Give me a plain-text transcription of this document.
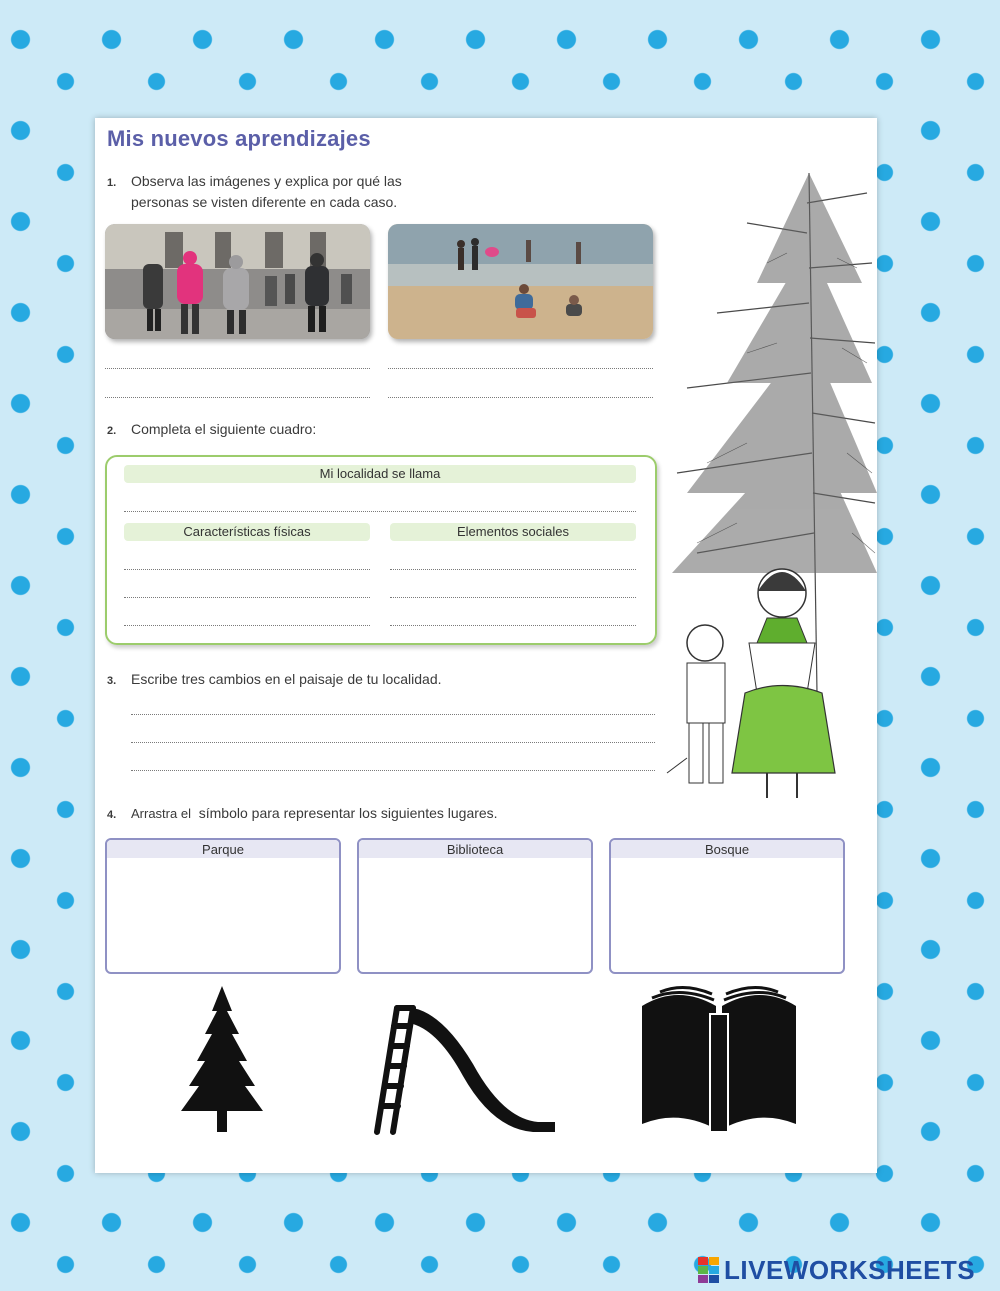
Mis nuevos aprendizajes
1. Observa las imágenes y explica por qué las
personas se visten diferente en cada caso.
2. Completa el siguiente cuadro:
Mi localidad se llama
Características físicas	Elementos sociales
3. Escribe tres cambios en el paisaje de tu localidad.
4. Arrastra el símbolo para representar los siguientes lugares.
Parque	Biblioteca	Bosque
LIVEWORKSHEETS
